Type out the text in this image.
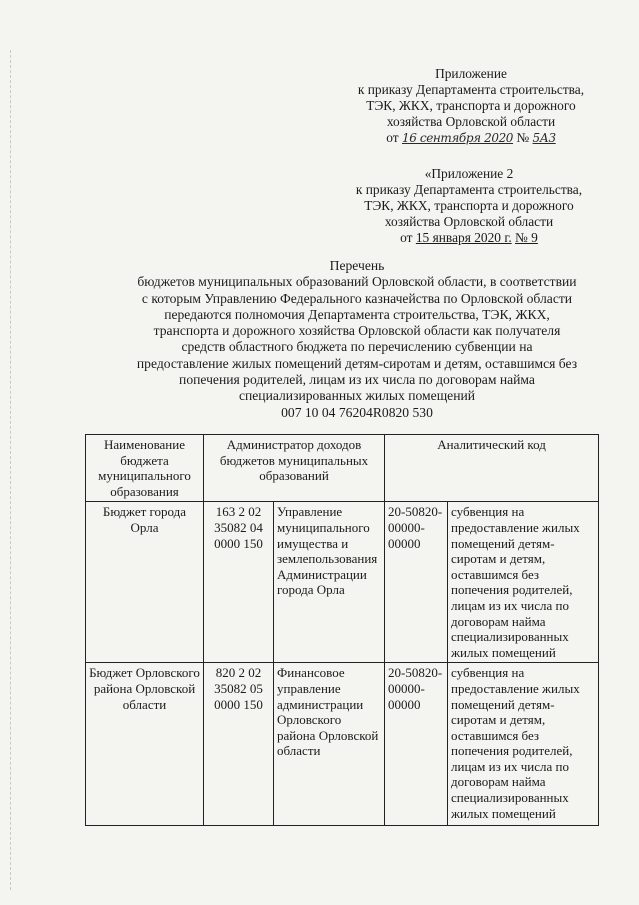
Приложение
к приказу Департамента строительства,
ТЭК, ЖКХ, транспорта и дорожного
хозяйства Орловской области
от 16 сентября 2020 № 5А3
«Приложение 2
к приказу Департамента строительства,
ТЭК, ЖКХ, транспорта и дорожного
хозяйства Орловской области
от 15 января 2020 г. № 9
Перечень
бюджетов муниципальных образований Орловской области, в соответствии
с которым Управлению Федерального казначейства по Орловской области
передаются полномочия Департамента строительства, ТЭК, ЖКХ,
транспорта и дорожного хозяйства Орловской области как получателя
средств областного бюджета по перечислению субвенции на
предоставление жилых помещений детям-сиротам и детям, оставшимся без
попечения родителей, лицам из их числа по договорам найма
специализированных жилых помещений
007 10 04 76204R0820 530
Наименование бюджета муниципального образования	Администратор доходов бюджетов муниципальных образований		Аналитический код	
Бюджет города Орла	163 2 02 35082 04 0000 150	Управление муниципального имущества и землепользования Администрации города Орла	20-50820-00000-00000	субвенция на предоставление жилых помещений детям-сиротам и детям, оставшимся без попечения родителей, лицам из их числа по договорам найма специализированных жилых помещений
Бюджет Орловского района Орловской области	820 2 02 35082 05 0000 150	Финансовое управление администрации Орловского района Орловской области	20-50820-00000-00000	субвенция на предоставление жилых помещений детям-сиротам и детям, оставшимся без попечения родителей, лицам из их числа по договорам найма специализированных жилых помещений
